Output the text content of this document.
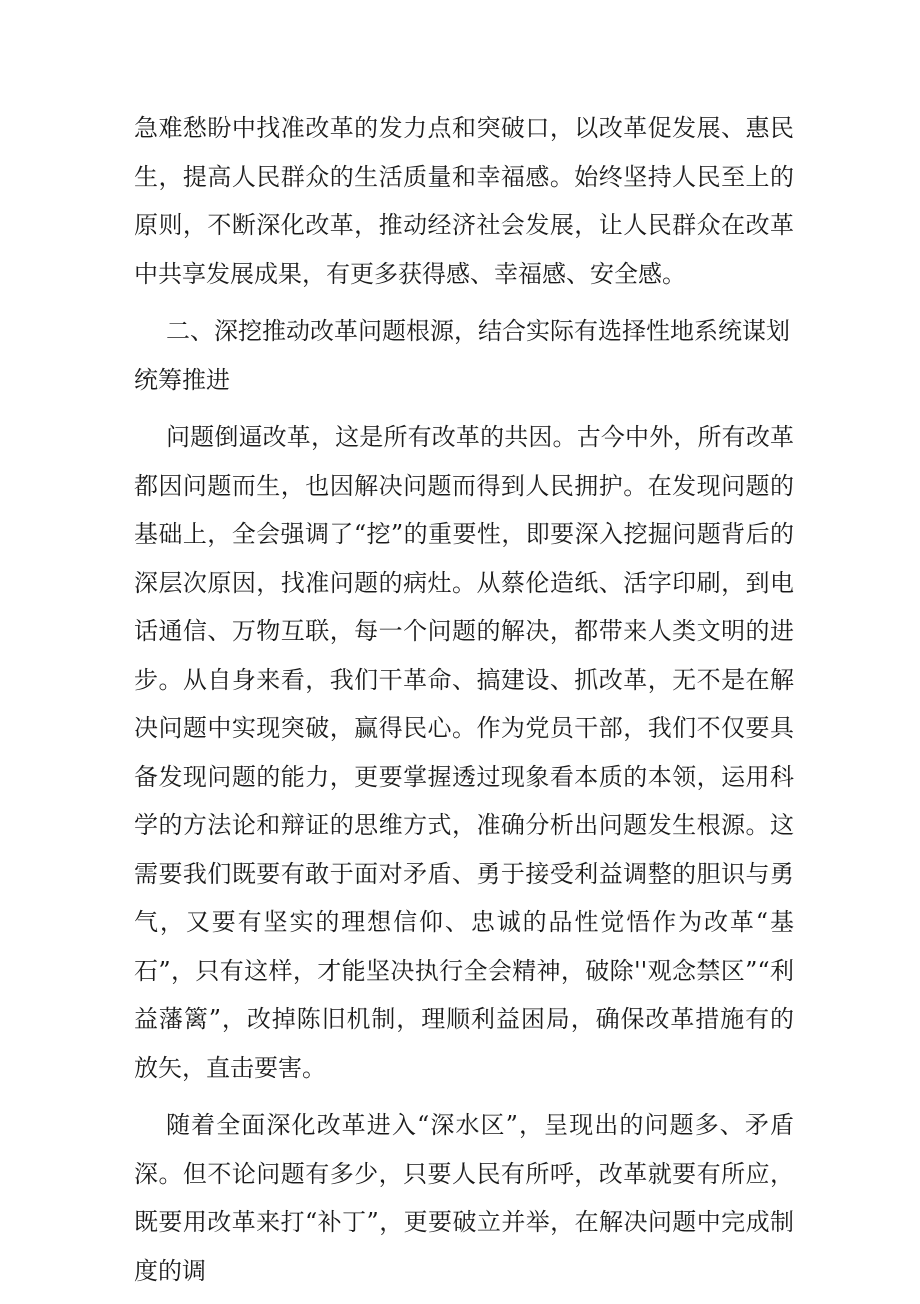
急难愁盼中找准改革的发力点和突破口，以改革促发展、惠民生，提高人民群众的生活质量和幸福感。始终坚持人民至上的原则，不断深化改革，推动经济社会发展，让人民群众在改革中共享发展成果，有更多获得感、幸福感、安全感。

二、深挖推动改革问题根源，结合实际有选择性地系统谋划统筹推进

问题倒逼改革，这是所有改革的共因。古今中外，所有改革都因问题而生，也因解决问题而得到人民拥护。在发现问题的基础上，全会强调了“挖”的重要性，即要深入挖掘问题背后的深层次原因，找准问题的病灶。从蔡伦造纸、活字印刷，到电话通信、万物互联，每一个问题的解决，都带来人类文明的进步。从自身来看，我们干革命、搞建设、抓改革，无不是在解决问题中实现突破，赢得民心。作为党员干部，我们不仅要具备发现问题的能力，更要掌握透过现象看本质的本领，运用科学的方法论和辩证的思维方式，准确分析出问题发生根源。这需要我们既要有敢于面对矛盾、勇于接受利益调整的胆识与勇气，又要有坚实的理想信仰、忠诚的品性觉悟作为改革“基石”，只有这样，才能坚决执行全会精神，破除''观念禁区”“利益藩篱”，改掉陈旧机制，理顺利益困局，确保改革措施有的放矢，直击要害。

随着全面深化改革进入“深水区”，呈现出的问题多、矛盾深。但不论问题有多少，只要人民有所呼，改革就要有所应，既要用改革来打“补丁”，更要破立并举，在解决问题中完成制度的调
